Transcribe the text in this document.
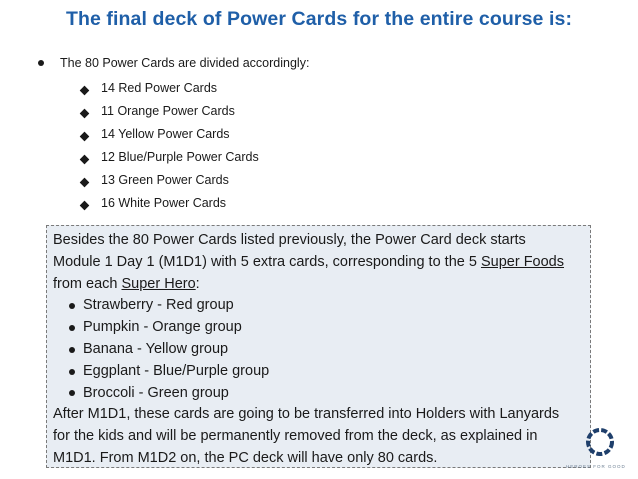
The final deck of Power Cards for the entire course is:
The 80 Power Cards are divided accordingly:
14 Red Power Cards
11 Orange Power Cards
14 Yellow Power Cards
12 Blue/Purple Power Cards
13 Green Power Cards
16 White Power Cards

Besides the 80 Power Cards listed previously, the Power Card deck starts

Module 1 Day 1 (M1D1) with 5 extra cards, corresponding to the 5 Super Foods

from each Super Hero:

Strawberry - Red group
Pumpkin - Orange group
Banana - Yellow group
Eggplant - Blue/Purple group
Broccoli - Green group

After M1D1, these cards are going to be transferred into Holders with Lanyards

for the kids and will be permanently removed from the deck, as explained in

M1D1. From M1D2 on, the PC deck will have only 80 cards.

HEROES FOR GOOD
